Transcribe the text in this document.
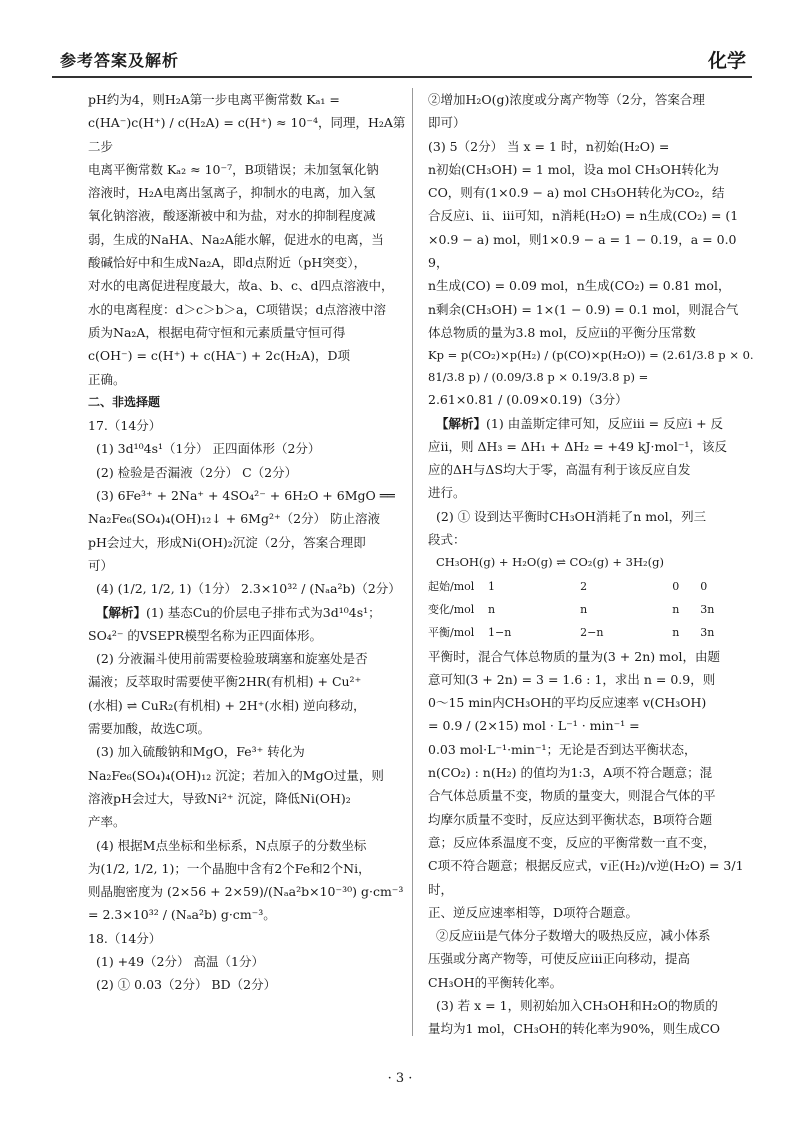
参考答案及解析	化学

pH约为4，则H₂A第一步电离平衡常数 Kₐ₁ =

c(HA⁻)c(H⁺) / c(H₂A) = c(H⁺) ≈ 10⁻⁴，同理，H₂A第二步

电离平衡常数 Kₐ₂ ≈ 10⁻⁷，B项错误；未加氢氧化钠

溶液时，H₂A电离出氢离子，抑制水的电离，加入氢

氧化钠溶液，酸逐渐被中和为盐，对水的抑制程度减

弱，生成的NaHA、Na₂A能水解，促进水的电离，当

酸碱恰好中和生成Na₂A，即d点附近（pH突变），

对水的电离促进程度最大，故a、b、c、d四点溶液中，

水的电离程度：d＞c＞b＞a，C项错误；d点溶液中溶

质为Na₂A，根据电荷守恒和元素质量守恒可得

c(OH⁻) = c(H⁺) + c(HA⁻) + 2c(H₂A)，D项

正确。

二、非选择题

17.（14分）

(1) 3d¹⁰4s¹（1分） 正四面体形（2分）

(2) 检验是否漏液（2分） C（2分）

(3) 6Fe³⁺ + 2Na⁺ + 4SO₄²⁻ + 6H₂O + 6MgO ══

Na₂Fe₆(SO₄)₄(OH)₁₂↓ + 6Mg²⁺（2分） 防止溶液

pH会过大，形成Ni(OH)₂沉淀（2分，答案合理即

可）

(4) (1/2, 1/2, 1)（1分） 2.3×10³² / (Nₐa²b)（2分）

【解析】(1) 基态Cu的价层电子排布式为3d¹⁰4s¹；

SO₄²⁻ 的VSEPR模型名称为正四面体形。

(2) 分液漏斗使用前需要检验玻璃塞和旋塞处是否

漏液；反萃取时需要使平衡2HR(有机相) + Cu²⁺

(水相) ⇌ CuR₂(有机相) + 2H⁺(水相) 逆向移动，

需要加酸，故选C项。

(3) 加入硫酸钠和MgO，Fe³⁺ 转化为

Na₂Fe₆(SO₄)₄(OH)₁₂ 沉淀；若加入的MgO过量，则

溶液pH会过大，导致Ni²⁺ 沉淀，降低Ni(OH)₂

产率。

(4) 根据M点坐标和坐标系，N点原子的分数坐标

为(1/2, 1/2, 1)；一个晶胞中含有2个Fe和2个Ni，

则晶胞密度为 (2×56 + 2×59)/(Nₐa²b×10⁻³⁰) g·cm⁻³

= 2.3×10³² / (Nₐa²b) g·cm⁻³。

18.（14分）

(1) +49（2分） 高温（1分）

(2) ① 0.03（2分） BD（2分）

②增加H₂O(g)浓度或分离产物等（2分，答案合理

即可）

(3) 5（2分） 当 x = 1 时，n初始(H₂O) =

n初始(CH₃OH) = 1 mol，设a mol CH₃OH转化为

CO，则有(1×0.9 − a) mol CH₃OH转化为CO₂，结

合反应ⅰ、ⅱ、ⅲ可知，n消耗(H₂O) = n生成(CO₂) = (1

×0.9 − a) mol，则1×0.9 − a = 1 − 0.19，a = 0.09，

n生成(CO) = 0.09 mol，n生成(CO₂) = 0.81 mol，

n剩余(CH₃OH) = 1×(1 − 0.9) = 0.1 mol，则混合气

体总物质的量为3.8 mol，反应ⅱ的平衡分压常数

Kp = p(CO₂)×p(H₂) / (p(CO)×p(H₂O)) = (2.61/3.8 p × 0.81/3.8 p) / (0.09/3.8 p × 0.19/3.8 p) =

2.61×0.81 / (0.09×0.19)（3分）

【解析】(1) 由盖斯定律可知，反应ⅲ = 反应ⅰ + 反

应ⅱ，则 ΔH₃ = ΔH₁ + ΔH₂ = +49 kJ·mol⁻¹，该反

应的ΔH与ΔS均大于零，高温有利于该反应自发

进行。

(2) ① 设到达平衡时CH₃OH消耗了n mol，列三

段式：

CH₃OH(g) + H₂O(g) ⇌ CO₂(g) + 3H₂(g)

起始/mol	1	2	0	0
变化/mol	n	n	n	3n
平衡/mol	1−n	2−n	n	3n

平衡时，混合气体总物质的量为(3 + 2n) mol，由题

意可知(3 + 2n) = 3 = 1.6 : 1，求出 n = 0.9，则

0～15 min内CH₃OH的平均反应速率 v(CH₃OH)

= 0.9 / (2×15) mol · L⁻¹ · min⁻¹ =

0.03 mol·L⁻¹·min⁻¹；无论是否到达平衡状态，

n(CO₂) : n(H₂) 的值均为1:3，A项不符合题意；混

合气体总质量不变，物质的量变大，则混合气体的平

均摩尔质量不变时，反应达到平衡状态，B项符合题

意；反应体系温度不变，反应的平衡常数一直不变，

C项不符合题意；根据反应式，v正(H₂)/v逆(H₂O) = 3/1 时，

正、逆反应速率相等，D项符合题意。

②反应ⅲ是气体分子数增大的吸热反应，减小体系

压强或分离产物等，可使反应ⅲ正向移动，提高

CH₃OH的平衡转化率。

(3) 若 x = 1，则初始加入CH₃OH和H₂O的物质的

量均为1 mol，CH₃OH的转化率为90%，则生成CO

· 3 ·
